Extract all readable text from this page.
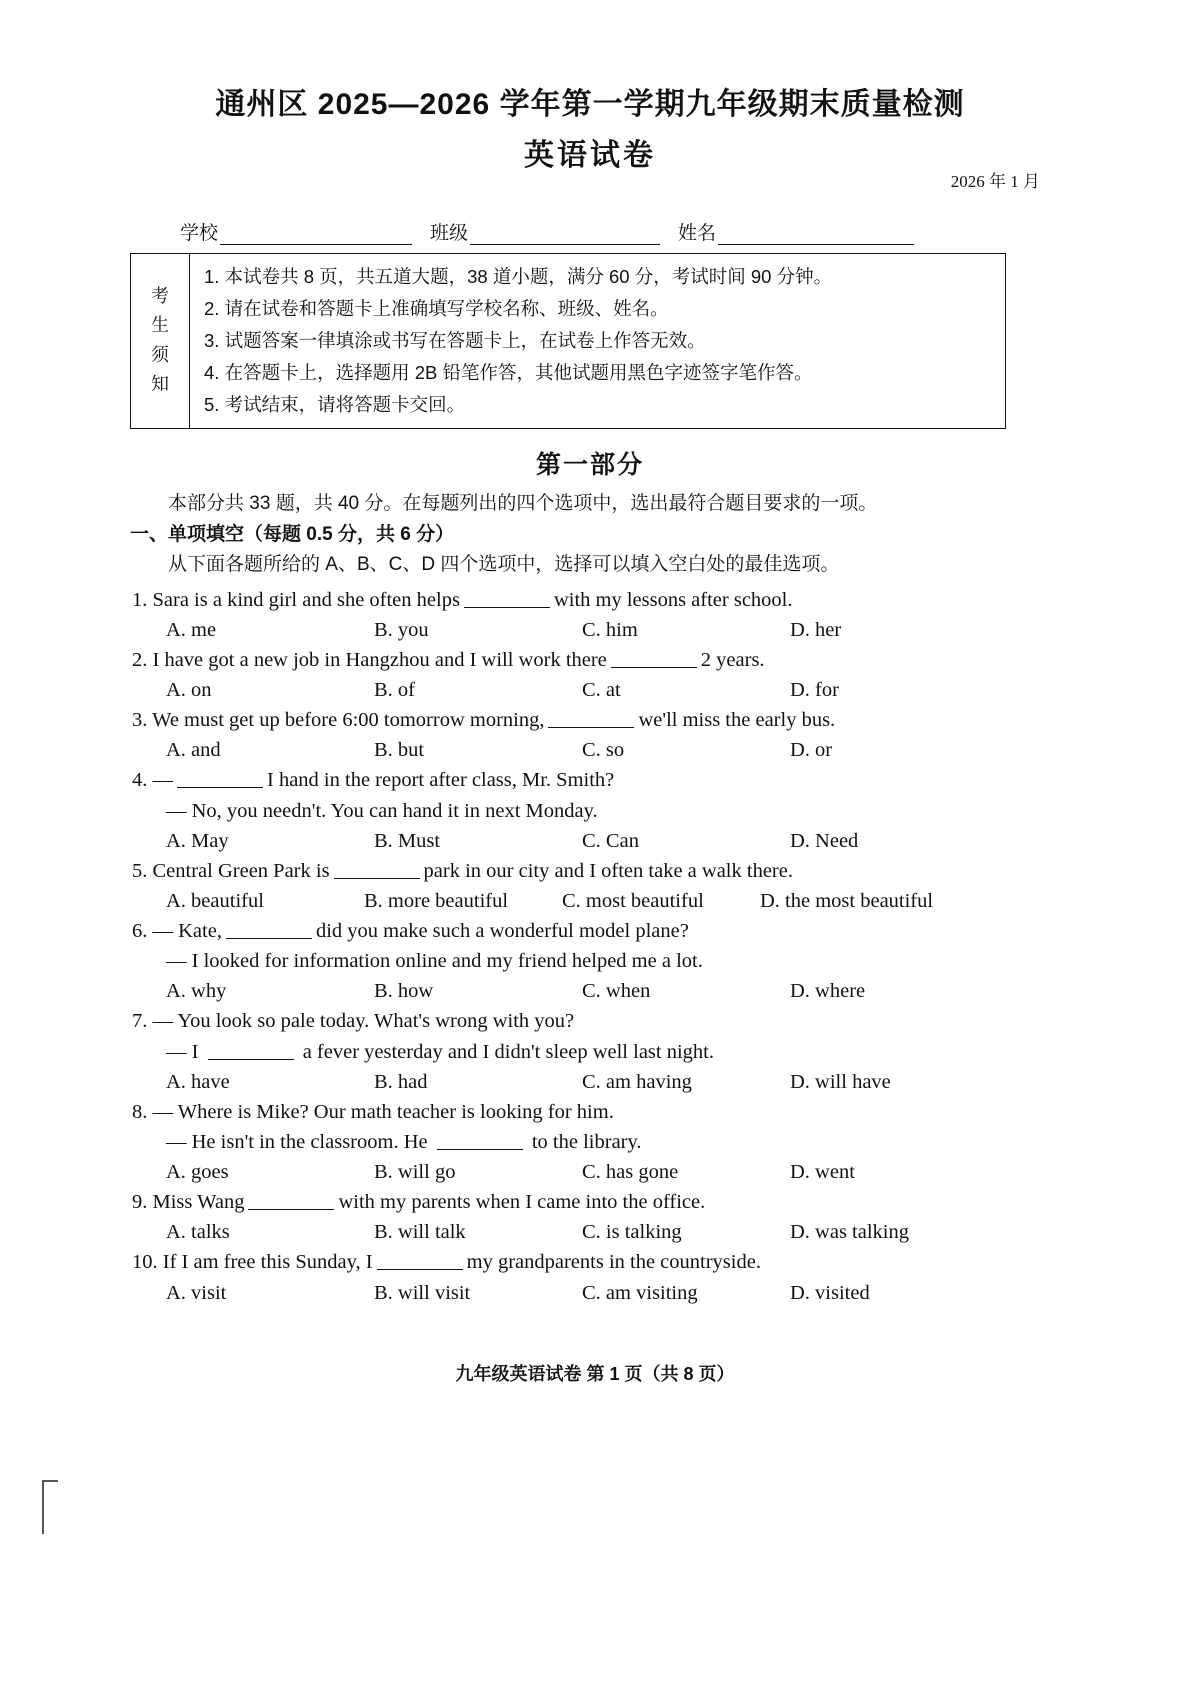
通州区 2025—2026 学年第一学期九年级期末质量检测
英语试卷
2026 年 1 月
学校	班级	姓名
考
生
须
知
1. 本试卷共 8 页，共五道大题，38 道小题，满分 60 分，考试时间 90 分钟。
2. 请在试卷和答题卡上准确填写学校名称、班级、姓名。
3. 试题答案一律填涂或书写在答题卡上，在试卷上作答无效。
4. 在答题卡上，选择题用 2B 铅笔作答，其他试题用黑色字迹签字笔作答。
5. 考试结束，请将答题卡交回。
第一部分
本部分共 33 题，共 40 分。在每题列出的四个选项中，选出最符合题目要求的一项。
一、单项填空（每题 0.5 分，共 6 分）
从下面各题所给的 A、B、C、D 四个选项中，选择可以填入空白处的最佳选项。
1. Sara is a kind girl and she often helps	with my lessons after school.
A. me	B. you	C. him	D. her
2. I have got a new job in Hangzhou and I will work there	2 years.
A. on	B. of	C. at	D. for
3. We must get up before 6:00 tomorrow morning,	we'll miss the early bus.
A. and	B. but	C. so	D. or
4. —	I hand in the report after class, Mr. Smith?
— No, you needn't. You can hand it in next Monday.
A. May	B. Must	C. Can	D. Need
5. Central Green Park is	park in our city and I often take a walk there.
A. beautiful	B. more beautiful	C. most beautiful	D. the most beautiful
6. — Kate,	did you make such a wonderful model plane?
— I looked for information online and my friend helped me a lot.
A. why	B. how	C. when	D. where
7. — You look so pale today. What's wrong with you?
— I	a fever yesterday and I didn't sleep well last night.
A. have	B. had	C. am having	D. will have
8. — Where is Mike? Our math teacher is looking for him.
— He isn't in the classroom. He	to the library.
A. goes	B. will go	C. has gone	D. went
9. Miss Wang	with my parents when I came into the office.
A. talks	B. will talk	C. is talking	D. was talking
10. If I am free this Sunday, I	my grandparents in the countryside.
A. visit	B. will visit	C. am visiting	D. visited
九年级英语试卷 第 1 页（共 8 页）
